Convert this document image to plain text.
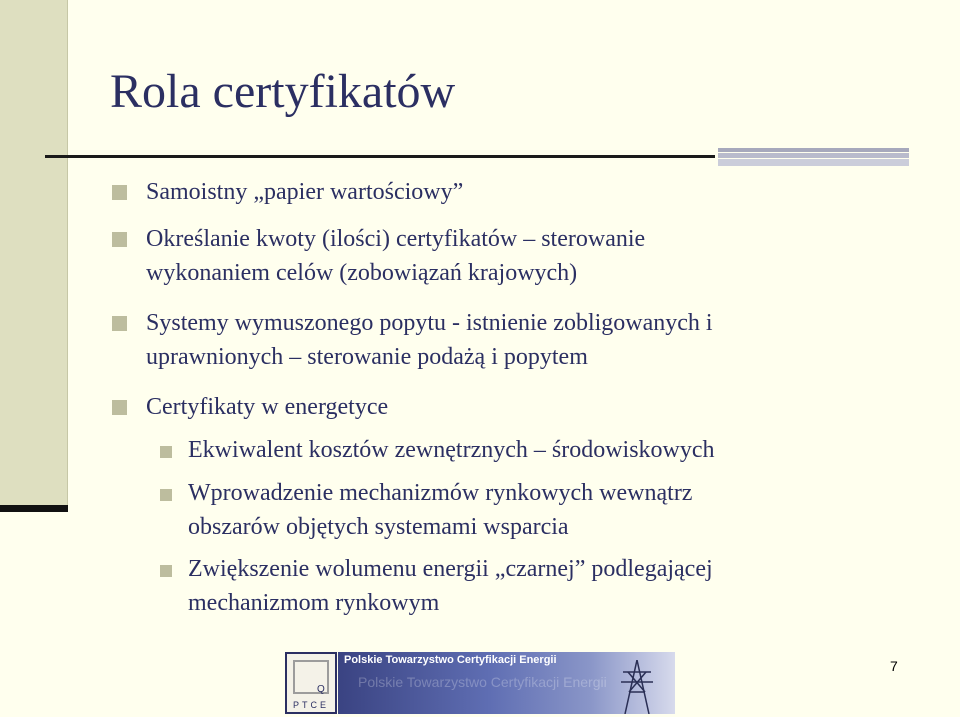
Rola certyfikatów
Samoistny „papier wartościowy”
Określanie kwoty (ilości) certyfikatów – sterowanie
wykonaniem celów (zobowiązań krajowych)
Systemy wymuszonego popytu - istnienie zobligowanych i
uprawnionych – sterowanie podażą i popytem
Certyfikaty w energetyce
Ekwiwalent kosztów zewnętrznych – środowiskowych
Wprowadzenie mechanizmów rynkowych wewnątrz
obszarów objętych systemami wsparcia
Zwiększenie wolumenu energii „czarnej” podlegającej
mechanizmom rynkowym
Q
PTCE
Polskie Towarzystwo Certyfikacji Energii
Polskie Towarzystwo Certyfikacji Energii
7
